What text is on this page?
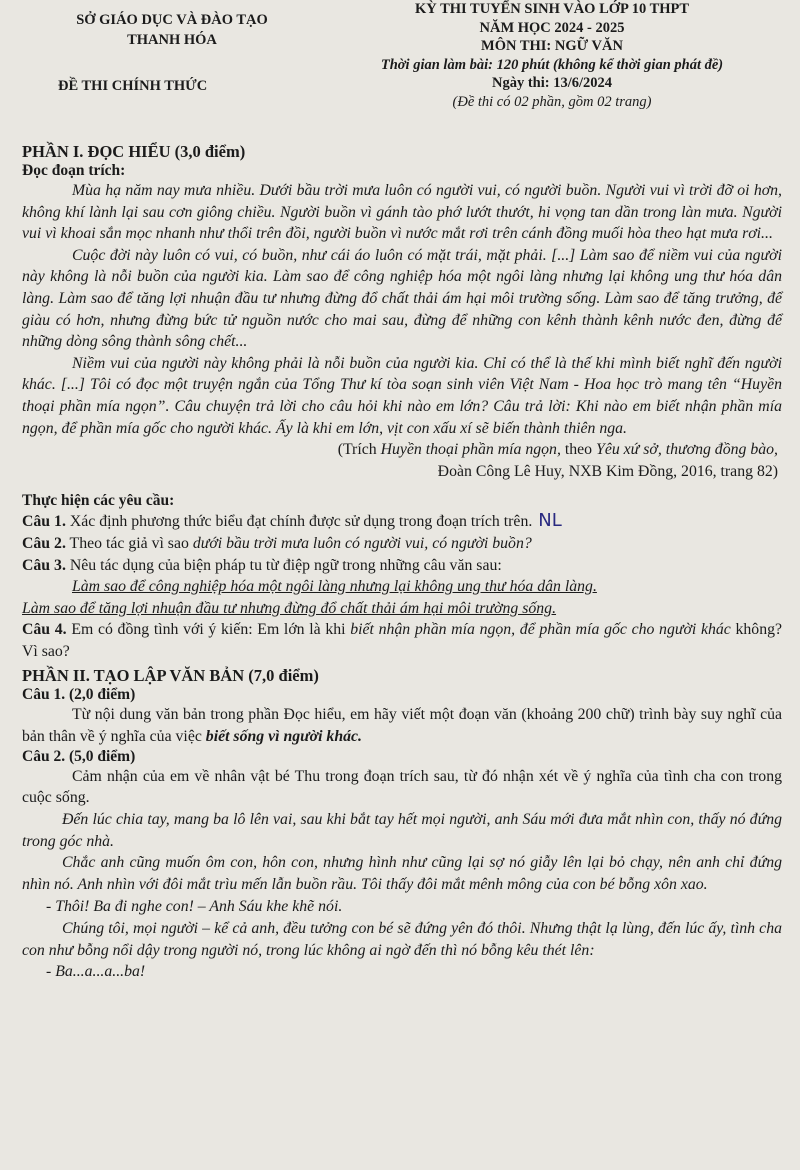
SỞ GIÁO DỤC VÀ ĐÀO TẠO
THANH HÓA
ĐỀ THI CHÍNH THỨC
KỲ THI TUYỂN SINH VÀO LỚP 10 THPT
NĂM HỌC 2024 - 2025
MÔN THI: NGỮ VĂN
Thời gian làm bài: 120 phút (không kể thời gian phát đề)
Ngày thi: 13/6/2024
(Đề thi có 02 phần, gồm 02 trang)

PHẦN I. ĐỌC HIỂU (3,0 điểm)

Đọc đoạn trích:

Mùa hạ năm nay mưa nhiều. Dưới bầu trời mưa luôn có người vui, có người buồn. Người vui vì trời đỡ oi hơn, không khí lành lại sau cơn giông chiều. Người buồn vì gánh tào phớ lướt thướt, hi vọng tan dần trong làn mưa. Người vui vì khoai sắn mọc nhanh như thổi trên đồi, người buồn vì nước mắt rơi trên cánh đồng muối hòa theo hạt mưa rơi...

Cuộc đời này luôn có vui, có buồn, như cái áo luôn có mặt trái, mặt phải. [...] Làm sao để niềm vui của người này không là nỗi buồn của người kia. Làm sao để công nghiệp hóa một ngôi làng nhưng lại không ung thư hóa dân làng. Làm sao để tăng lợi nhuận đầu tư nhưng đừng đổ chất thải ám hại môi trường sống. Làm sao để tăng trưởng, để giàu có hơn, nhưng đừng bức tử nguồn nước cho mai sau, đừng để những con kênh thành kênh nước đen, đừng để những dòng sông thành sông chết...

Niềm vui của người này không phải là nỗi buồn của người kia. Chỉ có thể là thế khi mình biết nghĩ đến người khác. [...] Tôi có đọc một truyện ngắn của Tổng Thư kí tòa soạn sinh viên Việt Nam - Hoa học trò mang tên “Huyền thoại phần mía ngọn”. Câu chuyện trả lời cho câu hỏi khi nào em lớn? Câu trả lời: Khi nào em biết nhận phần mía ngọn, để phần mía gốc cho người khác. Ấy là khi em lớn, vịt con xấu xí sẽ biến thành thiên nga.

(Trích Huyền thoại phần mía ngọn, theo Yêu xứ sở, thương đồng bào,

Đoàn Công Lê Huy, NXB Kim Đồng, 2016, trang 82)

Thực hiện các yêu cầu:

Câu 1. Xác định phương thức biểu đạt chính được sử dụng trong đoạn trích trên. NL

Câu 2. Theo tác giả vì sao dưới bầu trời mưa luôn có người vui, có người buồn?

Câu 3. Nêu tác dụng của biện pháp tu từ điệp ngữ trong những câu văn sau:

Làm sao để công nghiệp hóa một ngôi làng nhưng lại không ung thư hóa dân làng.

Làm sao để tăng lợi nhuận đầu tư nhưng đừng đổ chất thải ám hại môi trường sống.

Câu 4. Em có đồng tình với ý kiến: Em lớn là khi biết nhận phần mía ngọn, để phần mía gốc cho người khác không? Vì sao?

PHẦN II. TẠO LẬP VĂN BẢN (7,0 điểm)

Câu 1. (2,0 điểm)

Từ nội dung văn bản trong phần Đọc hiểu, em hãy viết một đoạn văn (khoảng 200 chữ) trình bày suy nghĩ của bản thân về ý nghĩa của việc biết sống vì người khác.

Câu 2. (5,0 điểm)

Cảm nhận của em về nhân vật bé Thu trong đoạn trích sau, từ đó nhận xét về ý nghĩa của tình cha con trong cuộc sống.

Đến lúc chia tay, mang ba lô lên vai, sau khi bắt tay hết mọi người, anh Sáu mới đưa mắt nhìn con, thấy nó đứng trong góc nhà.

Chắc anh cũng muốn ôm con, hôn con, nhưng hình như cũng lại sợ nó giẫy lên lại bỏ chạy, nên anh chỉ đứng nhìn nó. Anh nhìn với đôi mắt trìu mến lẫn buồn rầu. Tôi thấy đôi mắt mênh mông của con bé bỗng xôn xao.

- Thôi! Ba đi nghe con! – Anh Sáu khe khẽ nói.

Chúng tôi, mọi người – kể cả anh, đều tưởng con bé sẽ đứng yên đó thôi. Nhưng thật lạ lùng, đến lúc ấy, tình cha con như bỗng nổi dậy trong người nó, trong lúc không ai ngờ đến thì nó bỗng kêu thét lên:

- Ba...a...a...ba!
